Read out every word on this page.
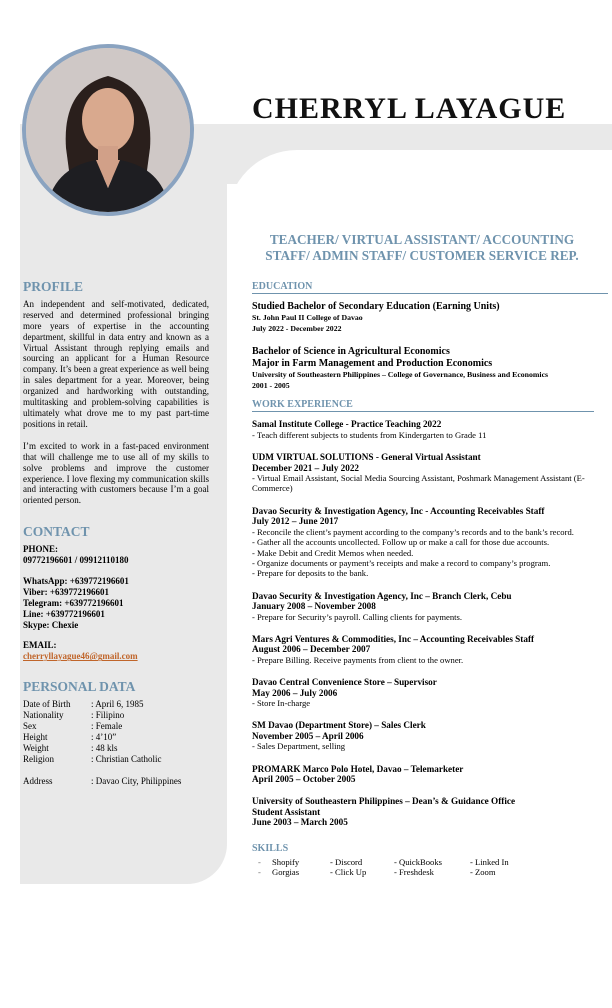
CHERRYL LAYAGUE
TEACHER/ VIRTUAL ASSISTANT/ ACCOUNTING STAFF/ ADMIN STAFF/ CUSTOMER SERVICE REP.
PROFILE

An independent and self-motivated, dedicated, reserved and determined professional bringing more years of expertise in the accounting department, skillful in data entry and known as a Virtual Assistant through replying emails and sourcing an applicant for a Human Resource company. It’s been a great experience as well being in sales department for a year. Moreover, being organized and hardworking with outstanding, multitasking and problem-solving capabilities is ultimately what drove me to my past part-time positions in retail.

I’m excited to work in a fast-paced environment that will challenge me to use all of my skills to solve problems and improve the customer experience. I love flexing my communication skills and interacting with customers because I’m a goal oriented person.

CONTACT
PHONE:
09772196601 / 09912110180
WhatsApp: +639772196601
Viber: +639772196601
Telegram: +639772196601
Line: +639772196601
Skype: Chexie
EMAIL:
cherryllayague46@gmail.com
PERSONAL DATA
Date of Birth	: April 6, 1985
Nationality	: Filipino
Sex	: Female
Height	: 4’10”
Weight	: 48 kls
Religion	: Christian Catholic
Address	: Davao City, Philippines
EDUCATION
Studied Bachelor of Secondary Education (Earning Units)
St. John Paul II College of Davao
July 2022 - December 2022
Bachelor of Science in Agricultural Economics
Major in Farm Management and Production Economics
University of Southeastern Philippines – College of Governance, Business and Economics
2001 - 2005
WORK EXPERIENCE
Samal Institute College - Practice Teaching 2022
- Teach different subjects to students from Kindergarten to Grade 11
UDM VIRTUAL SOLUTIONS - General Virtual Assistant
December 2021 – July 2022
- Virtual Email Assistant, Social Media Sourcing Assistant, Poshmark Management Assistant (E-Commerce)
Davao Security & Investigation Agency, Inc - Accounting Receivables Staff
July 2012 – June 2017
- Reconcile the client’s payment according to the company’s records and to the bank’s record.
- Gather all the accounts uncollected. Follow up or make a call for those due accounts.
- Make Debit and Credit Memos when needed.
- Organize documents or payment’s receipts and make a record to company’s program.
- Prepare for deposits to the bank.
Davao Security & Investigation Agency, Inc – Branch Clerk, Cebu
January 2008 – November 2008
- Prepare for Security’s payroll. Calling clients for payments.
Mars Agri Ventures & Commodities, Inc – Accounting Receivables Staff
August 2006 – December 2007
- Prepare Billing. Receive payments from client to the owner.
Davao Central Convenience Store – Supervisor
May 2006 – July 2006
- Store In-charge
SM Davao (Department Store) – Sales Clerk
November 2005 – April 2006
- Sales Department, selling
PROMARK Marco Polo Hotel, Davao – Telemarketer
April 2005 – October 2005
University of Southeastern Philippines – Dean’s & Guidance Office
Student Assistant
June 2003 – March 2005
SKILLS
-	Shopify	- Discord	- QuickBooks	- Linked In
-	Gorgias	- Click Up	- Freshdesk	- Zoom
